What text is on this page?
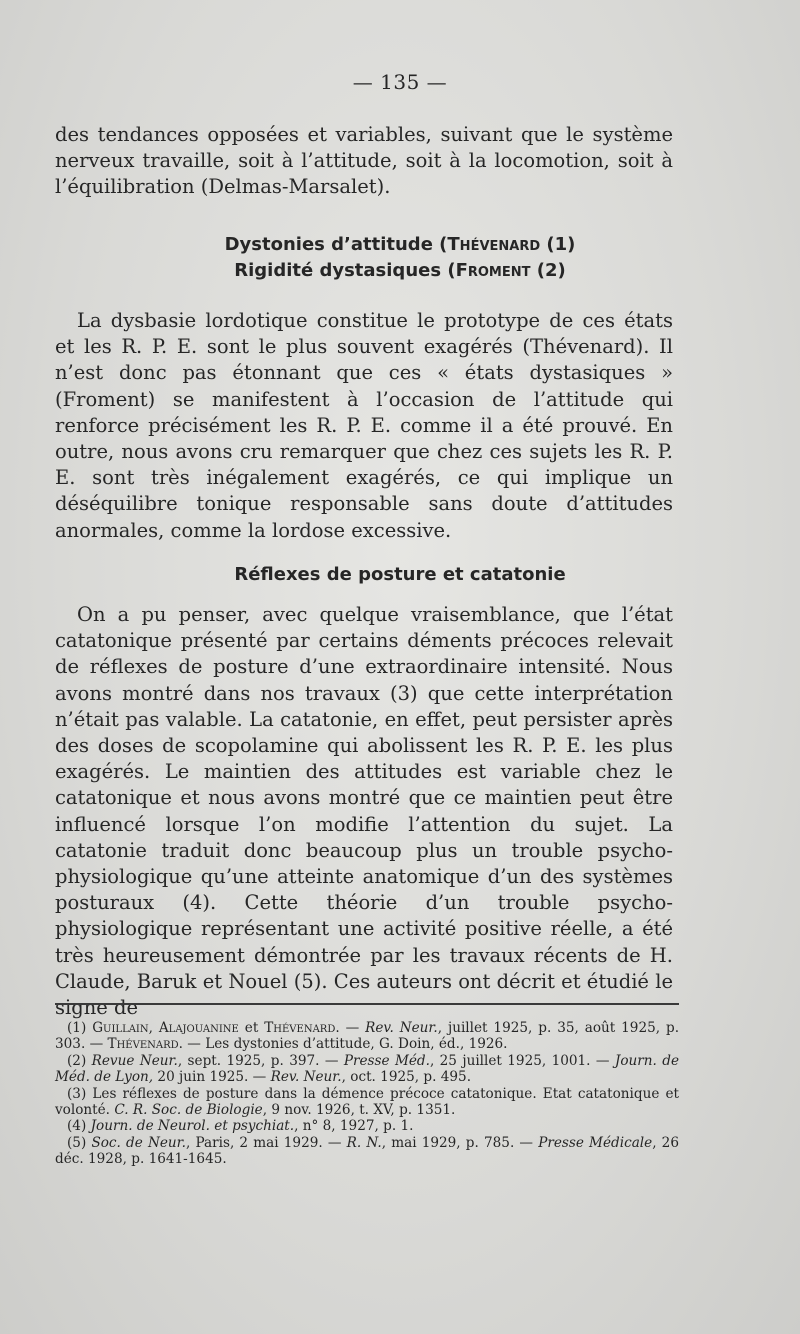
— 135 —

des tendances opposées et variables, suivant que le système nerveux travaille, soit à l’attitude, soit à la locomotion, soit à l’équilibration (Delmas-Marsalet).

Dystonies d’attitude (Thévenard (1)
Rigidité dystasiques (Froment (2)

La dysbasie lordotique constitue le prototype de ces états et les R. P. E. sont le plus souvent exagérés (Thévenard). Il n’est donc pas étonnant que ces « états dystasiques » (Froment) se manifestent à l’occasion de l’attitude qui renforce précisément les R. P. E. comme il a été prouvé. En outre, nous avons cru remarquer que chez ces sujets les R. P. E. sont très inégalement exagérés, ce qui implique un déséquilibre tonique responsable sans doute d’attitudes anormales, comme la lordose excessive.

Réflexes de posture et catatonie

On a pu penser, avec quelque vraisemblance, que l’état catatonique présenté par certains déments précoces relevait de réflexes de posture d’une extraordinaire intensité. Nous avons montré dans nos travaux (3) que cette interprétation n’était pas valable. La catatonie, en effet, peut persister après des doses de scopolamine qui abolissent les R. P. E. les plus exagérés. Le maintien des attitudes est variable chez le catatonique et nous avons montré que ce maintien peut être influencé lorsque l’on modifie l’attention du sujet. La catatonie traduit donc beaucoup plus un trouble psycho-physiologique qu’une atteinte anatomique d’un des systèmes posturaux (4). Cette théorie d’un trouble psycho-physiologique représentant une activité positive réelle, a été très heureusement démontrée par les travaux récents de H. Claude, Baruk et Nouel (5). Ces auteurs ont décrit et étudié le signe de

(1) Guillain, Alajouanine et Thévenard. — Rev. Neur., juillet 1925, p. 35, août 1925, p. 303. — Thévenard. — Les dystonies d’attitude, G. Doin, éd., 1926.
(2) Revue Neur., sept. 1925, p. 397. — Presse Méd., 25 juillet 1925, 1001. — Journ. de Méd. de Lyon, 20 juin 1925. — Rev. Neur., oct. 1925, p. 495.
(3) Les réflexes de posture dans la démence précoce catatonique. Etat catatonique et volonté. C. R. Soc. de Biologie, 9 nov. 1926, t. XV, p. 1351.
(4) Journ. de Neurol. et psychiat., n° 8, 1927, p. 1.
(5) Soc. de Neur., Paris, 2 mai 1929. — R. N., mai 1929, p. 785. — Presse Médicale, 26 déc. 1928, p. 1641-1645.
